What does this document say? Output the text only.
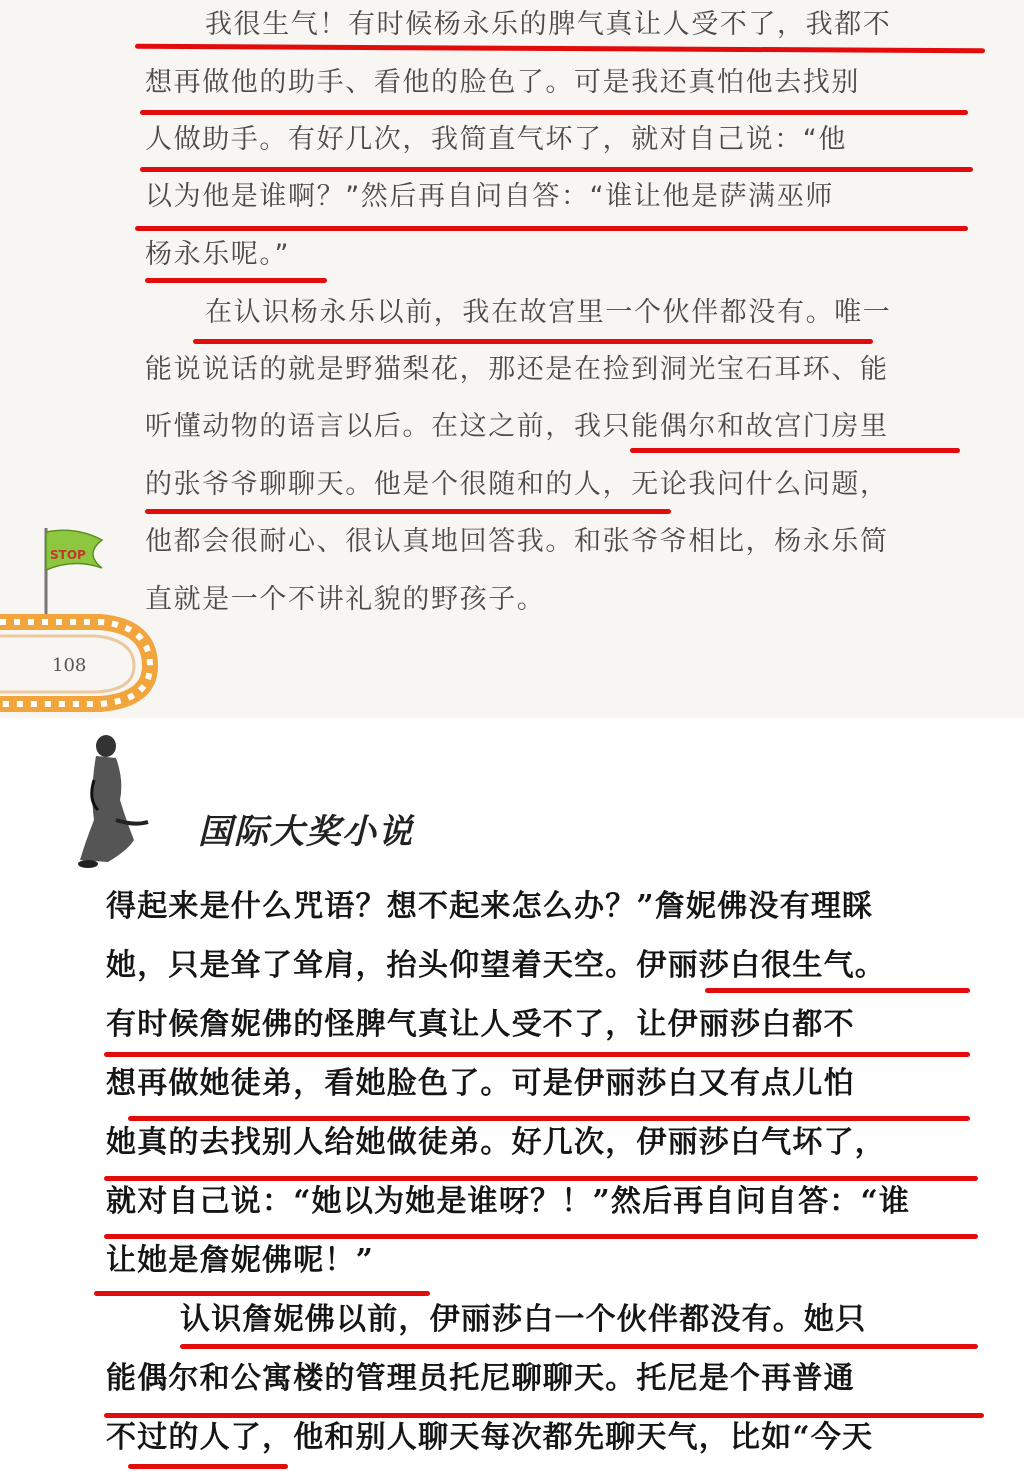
我很生气！有时候杨永乐的脾气真让人受不了，我都不
想再做他的助手、看他的脸色了。可是我还真怕他去找别
人做助手。有好几次，我简直气坏了，就对自己说：“他
以为他是谁啊？”然后再自问自答：“谁让他是萨满巫师
杨永乐呢。”
在认识杨永乐以前，我在故宫里一个伙伴都没有。唯一
能说说话的就是野猫梨花，那还是在捡到洞光宝石耳环、能
听懂动物的语言以后。在这之前，我只能偶尔和故宫门房里
的张爷爷聊聊天。他是个很随和的人，无论我问什么问题，
他都会很耐心、很认真地回答我。和张爷爷相比，杨永乐简
直就是一个不讲礼貌的野孩子。
STOP
108
国际大奖小说
得起来是什么咒语？想不起来怎么办？”詹妮佛没有理睬
她，只是耸了耸肩，抬头仰望着天空。伊丽莎白很生气。
有时候詹妮佛的怪脾气真让人受不了，让伊丽莎白都不
想再做她徒弟，看她脸色了。可是伊丽莎白又有点儿怕
她真的去找别人给她做徒弟。好几次，伊丽莎白气坏了，
就对自己说：“她以为她是谁呀？！”然后再自问自答：“谁
让她是詹妮佛呢！”
认识詹妮佛以前，伊丽莎白一个伙伴都没有。她只
能偶尔和公寓楼的管理员托尼聊聊天。托尼是个再普通
不过的人了，他和别人聊天每次都先聊天气，比如“今天
